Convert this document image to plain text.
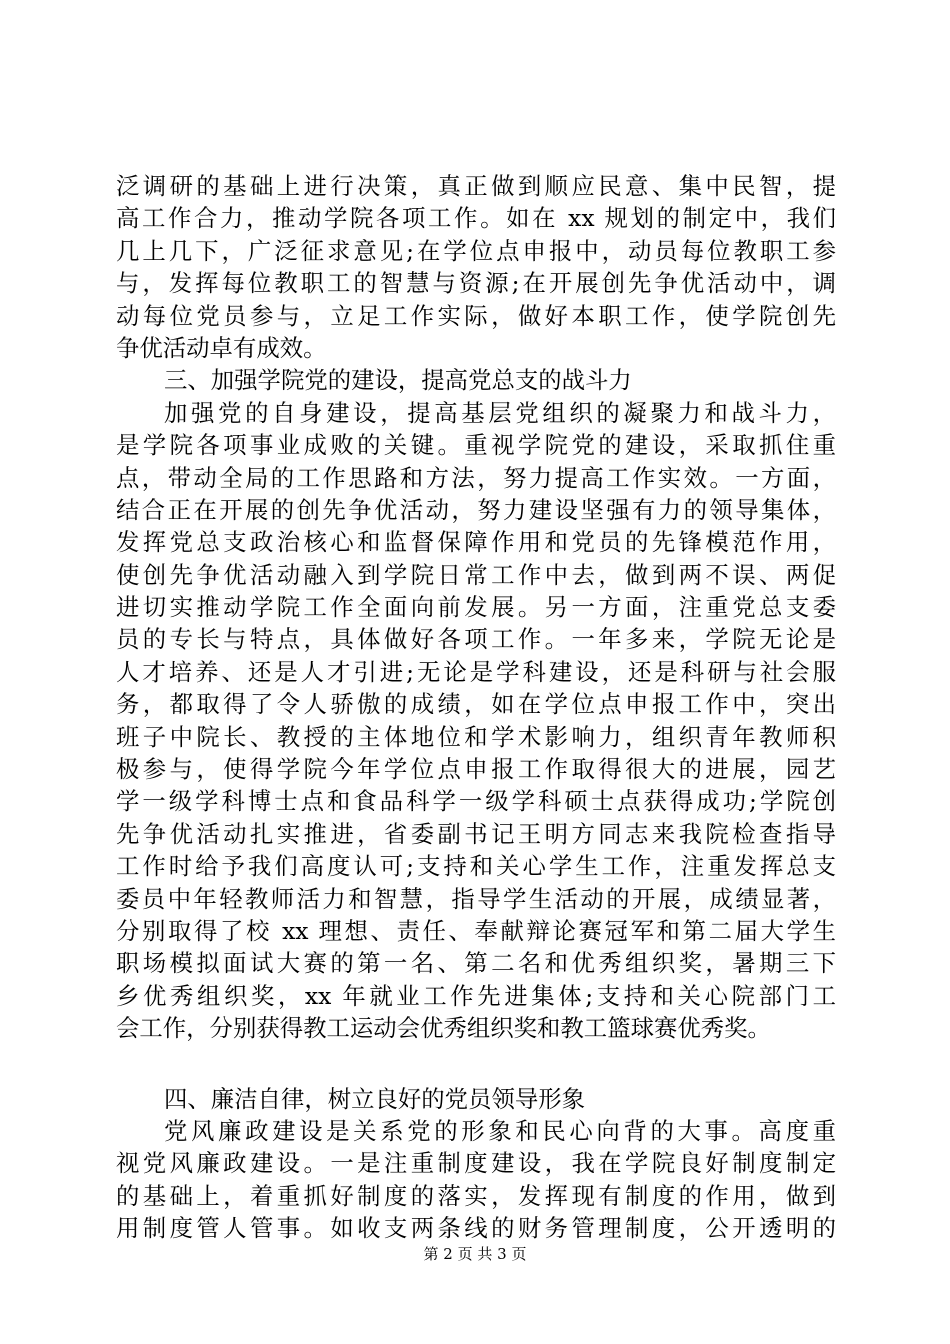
泛调研的基础上进行决策，真正做到顺应民意、集中民智，提
高工作合力，推动学院各项工作。如在 xx 规划的制定中，我们
几上几下，广泛征求意见;在学位点申报中，动员每位教职工参
与，发挥每位教职工的智慧与资源;在开展创先争优活动中，调
动每位党员参与，立足工作实际，做好本职工作，使学院创先
争优活动卓有成效。
三、加强学院党的建设，提高党总支的战斗力
加强党的自身建设，提高基层党组织的凝聚力和战斗力，
是学院各项事业成败的关键。重视学院党的建设，采取抓住重
点，带动全局的工作思路和方法，努力提高工作实效。一方面，
结合正在开展的创先争优活动，努力建设坚强有力的领导集体，
发挥党总支政治核心和监督保障作用和党员的先锋模范作用，
使创先争优活动融入到学院日常工作中去，做到两不误、两促
进切实推动学院工作全面向前发展。另一方面，注重党总支委
员的专长与特点，具体做好各项工作。一年多来，学院无论是
人才培养、还是人才引进;无论是学科建设，还是科研与社会服
务，都取得了令人骄傲的成绩，如在学位点申报工作中，突出
班子中院长、教授的主体地位和学术影响力，组织青年教师积
极参与，使得学院今年学位点申报工作取得很大的进展，园艺
学一级学科博士点和食品科学一级学科硕士点获得成功;学院创
先争优活动扎实推进，省委副书记王明方同志来我院检查指导
工作时给予我们高度认可;支持和关心学生工作，注重发挥总支
委员中年轻教师活力和智慧，指导学生活动的开展，成绩显著，
分别取得了校 xx 理想、责任、奉献辩论赛冠军和第二届大学生
职场模拟面试大赛的第一名、第二名和优秀组织奖，暑期三下
乡优秀组织奖，xx 年就业工作先进集体;支持和关心院部门工
会工作，分别获得教工运动会优秀组织奖和教工篮球赛优秀奖。
四、廉洁自律，树立良好的党员领导形象
党风廉政建设是关系党的形象和民心向背的大事。高度重
视党风廉政建设。一是注重制度建设，我在学院良好制度制定
的基础上，着重抓好制度的落实，发挥现有制度的作用，做到
用制度管人管事。如收支两条线的财务管理制度，公开透明的
第 2 页 共 3 页
